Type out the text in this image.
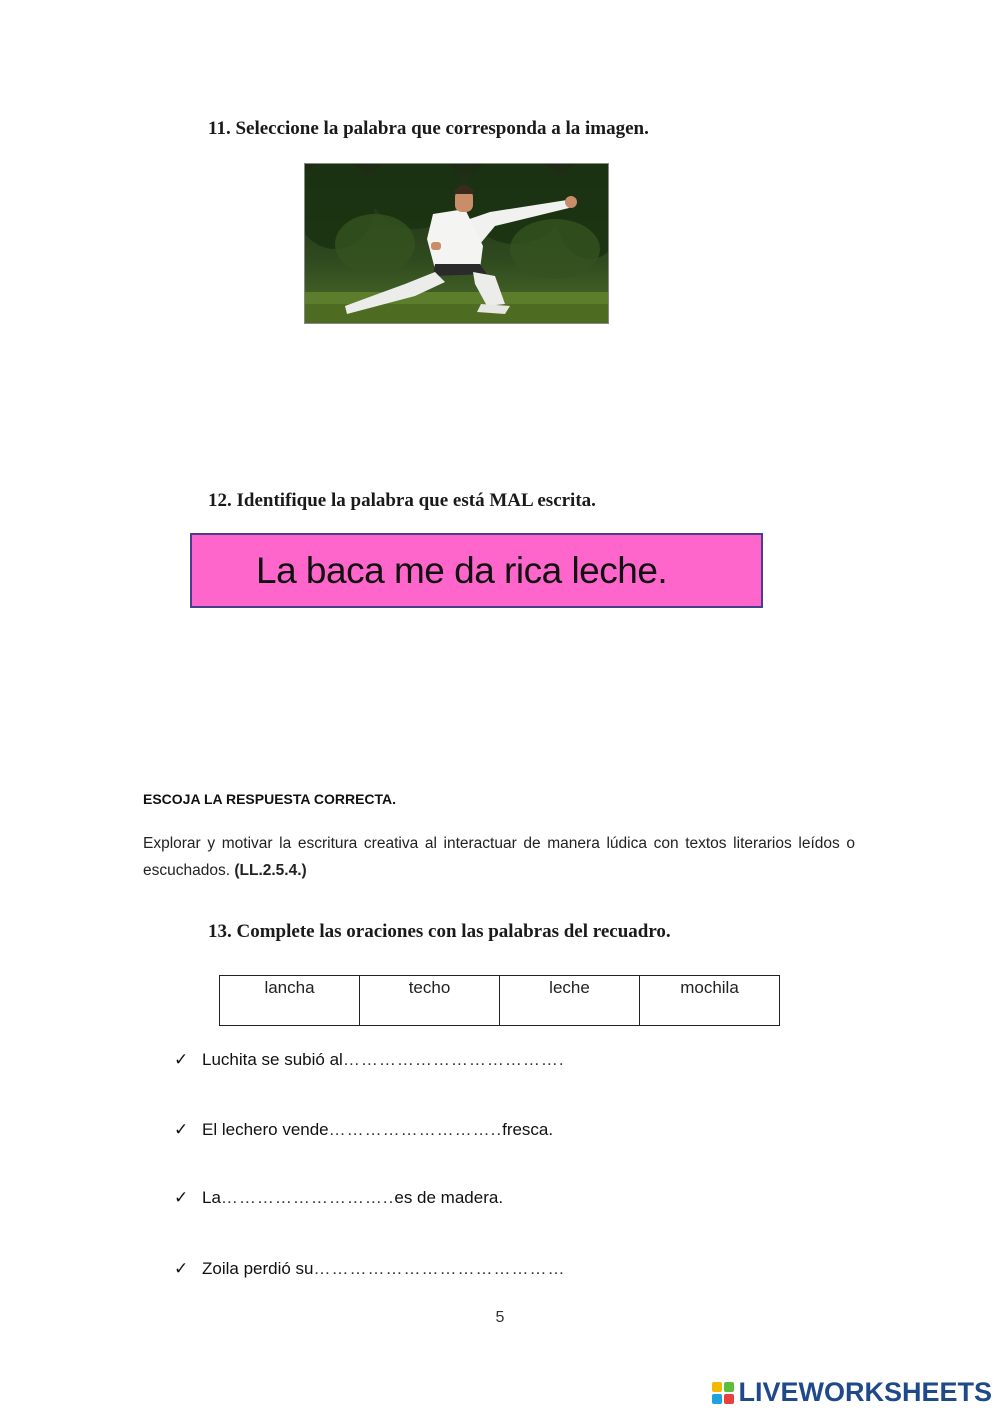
11. Seleccione la palabra que corresponda a la imagen.
12. Identifique la palabra que está MAL escrita.
La baca me da rica leche.
ESCOJA LA RESPUESTA CORRECTA.
Explorar y motivar la escritura creativa al interactuar de manera lúdica con textos literarios leídos o escuchados. (LL.2.5.4.)
13. Complete las oraciones con las palabras del recuadro.
lancha	techo	leche	mochila
✓ Luchita se subió al ……………………………….
✓ El lechero vende ……………………….. fresca.
✓ La ……………………….. es de madera.
✓ Zoila perdió su ……………………………………
5
LIVEWORKSHEETS
